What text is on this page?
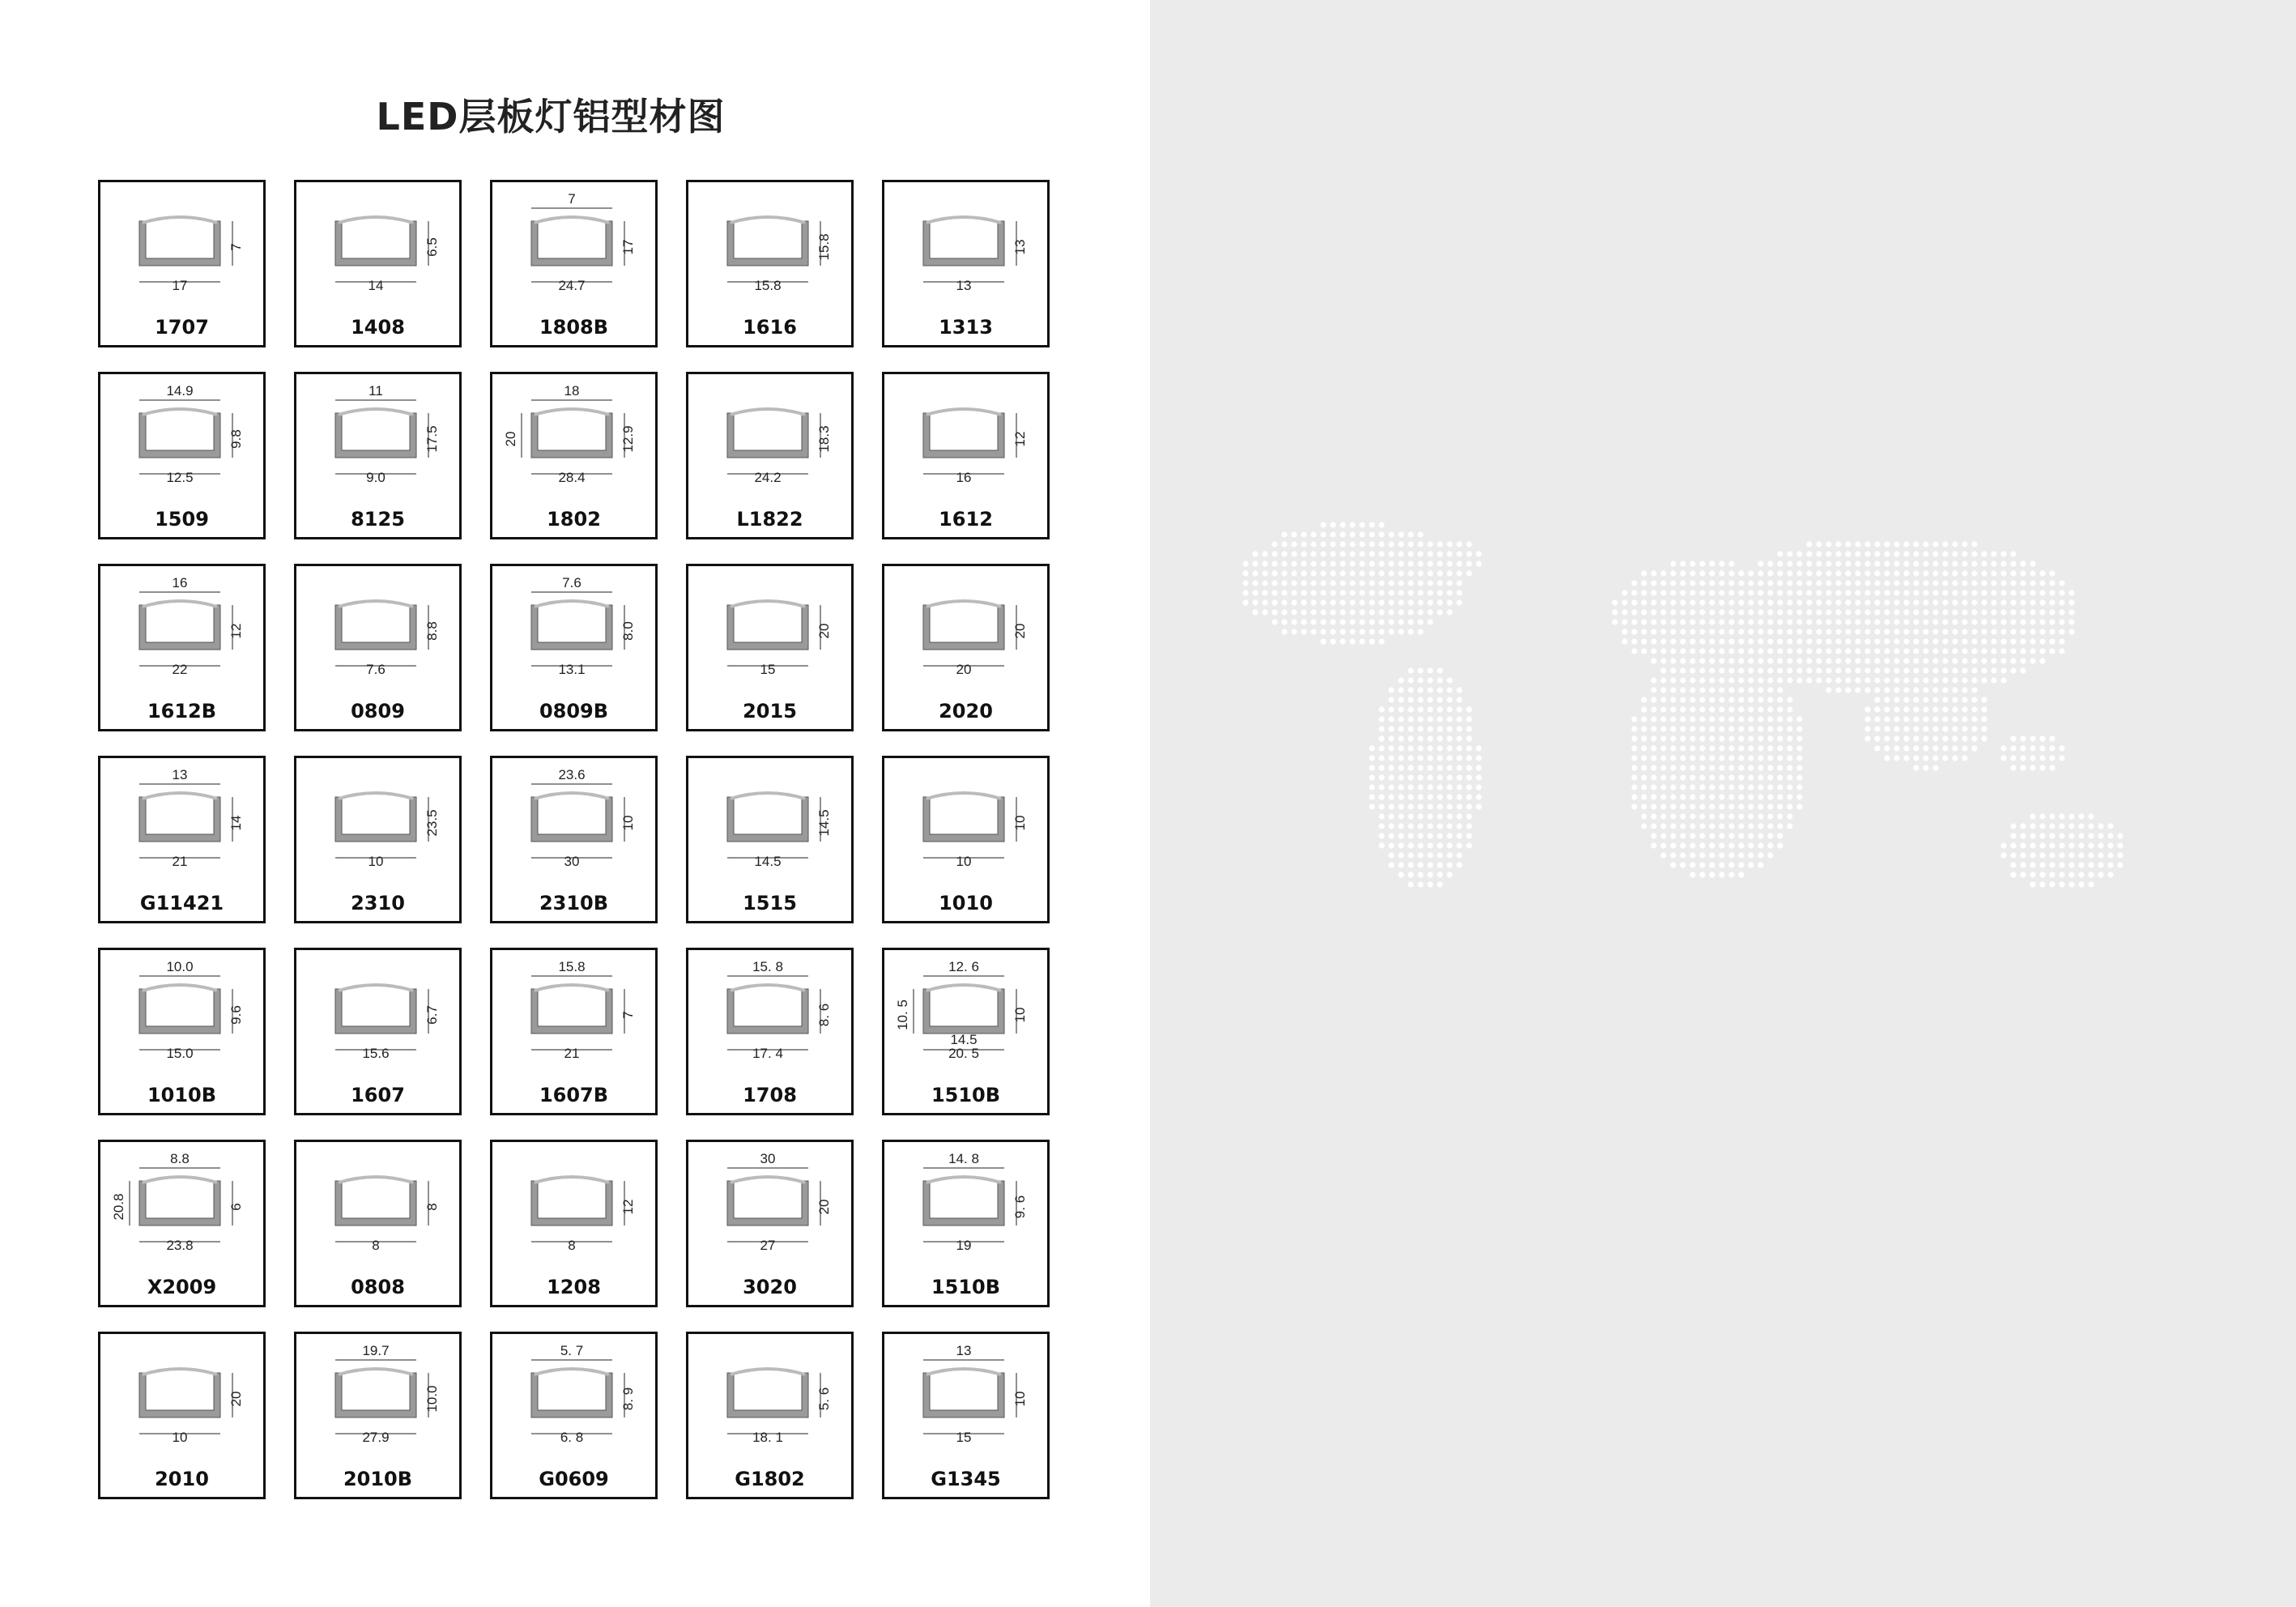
LED层板灯铝型材图
17
7
1707
14
6.5
1408
24.7
17
7
1808B
15.8
15.8
1616
13
13
1313
12.5
9.8
14.9
1509
9.0
17.5
11
8125
28.4
12.9
18
20
1802
24.2
18.3
L1822
16
12
1612
22
12
16
1612B
7.6
8.8
0809
13.1
8.0
7.6
0809B
15
20
2015
20
20
2020
21
14
13
G11421
10
23.5
2310
30
10
23.6
2310B
14.5
14.5
1515
10
10
1010
15.0
9.6
10.0
1010B
15.6
6.7
1607
21
7
15.8
1607B
17. 4
8. 6
15. 8
1708
20. 5
10
12. 6
10. 5
14.5
1510B
23.8
6
8.8
20.8
X2009
8
8
0808
8
12
1208
27
20
30
3020
19
9. 6
14. 8
1510B
10
20
2010
27.9
10.0
19.7
2010B
6. 8
8. 9
5. 7
G0609
18. 1
5. 6
G1802
15
10
13
G1345
